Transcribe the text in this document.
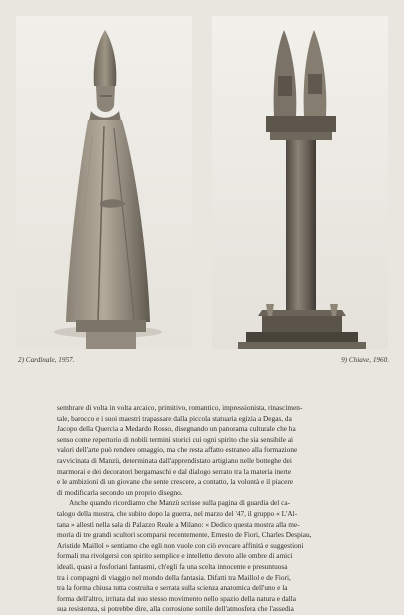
2) Cardinale, 1957.	9) Chiave, 1960.
sembrare di volta in volta arcaico, primitivo, romantico, impressionista, rinascimen-
tale, barocco e i suoi maestri trapassare dalla piccola statuaria egizia a Degas, da
Jacopo della Quercia a Medardo Rosso, disegnando un panorama culturale che ha
senso come repertorio di nobili termini storici cui ogni spirito che sia sensibile ai
valori dell'arte può rendere omaggio, ma che resta affatto estraneo alla formazione
ravvicinata di Manzù, determinata dall'apprendistato artigiano nelle botteghe dei
marmorai e dei decoratori bergamaschi e dal dialogo serrato tra la materia inerte
e le ambizioni di un giovane che sente crescere, a contatto, la volontà e il piacere
di modificarla secondo un proprio disegno.
Anche quando ricordiamo che Manzù scrisse sulla pagina di guardia del ca-
talogo della mostra, che subito dopo la guerra, nel marzo del '47, il gruppo « L'Al-
tana » allestì nella sala di Palazzo Reale a Milano: « Dedico questa mostra alla me-
moria di tre grandi scultori scomparsi recentemente, Ernesto de Fiori, Charles Despiau,
Aristide Maillol » sentiamo che egli non vuole con ciò evocare affinità e suggestioni
formali ma rivolgersi con spirito semplice e intelletto devoto alle ombre di amici
ideali, quasi a fosforiani fantasmi, ch'egli fa una scelta innocente e presuntuosa
tra i compagni di viaggio nel mondo della fantasia. Difatti tra Maillol e de Fiori,
tra la forma chiusa tutta costruita e serrata sulla scienza anatomica dell'uno e la
forma dell'altro, irritata dal suo stesso movimento nello spazio della natura e dalla
sua resistenza, si potrebbe dire, alla corrosione sottile dell'atmosfera che l'assedia
